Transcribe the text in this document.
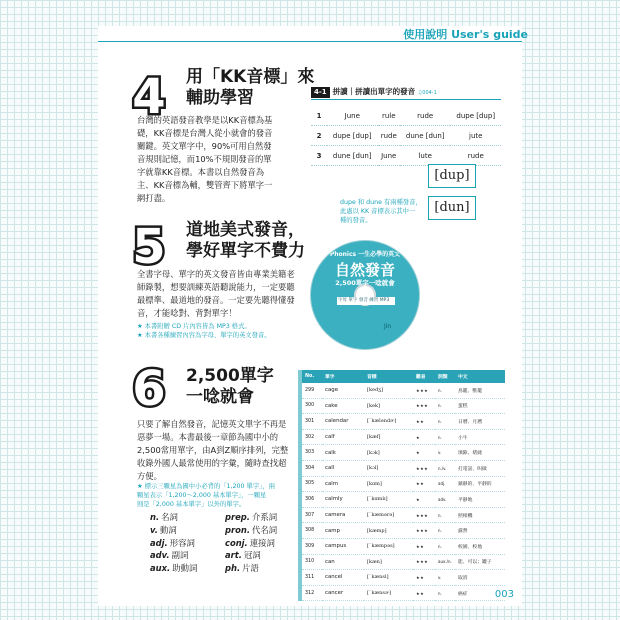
使用說明 User's guide
4	用「KK音標」來
輔助學習
台灣的英語發音教學是以KK音標為基
礎，KK音標是台灣人從小就會的發音
關鍵。英文單字中，90%可用自然發
音規則記憶，而10%不規則發音的單
字就靠KK音標。本書以自然發音為
主、KK音標為輔，雙管齊下將單字一
網打盡。
4-1 拼讀｜拼讀出單字的發音 ♫004-1
1	June	rule	rude	dupe [dup]
2	dupe [dup]	rude	dune [dun]	jute
3	dune [dun]	June	lute	rude
[dup]
[dun]
dupe 和 dune 有兩種發音，
此處以 KK 音標表示其中一
種的發音。
5	道地美式發音，
學好單字不費力
全書字母、單字的英文發音皆由專業美籍老
師錄製，想要訓練英語聽說能力，一定要聽
最標準、最道地的發音。一定要先聽得懂發
音，才能唸對、背對單字！
★ 本書附贈 CD 片內容皆為 MP3 格式。
★ 本書各種練習內容為字母、單字的英文發音。
Phonics 一生必學的英文
自然發音
2,500單字一唸就會
字母 單字 發音 練習 MP3
Jin
6	2,500單字
一唸就會
只要了解自然發音，記憶英文單字不再是
惡夢一場。本書最後一章節為國中小的
2,500常用單字，由A到Z順序排列，完整
收錄外國人最常使用的字彙，隨時查找超
方便。
★ 標示三顆星為國中小必背的「1,200 單字」，兩
顆星表示「1,200～2,000 基本單字」，一顆星
則是「2,000 基本單字」以外的單字。
n. 名詞	prep. 介系詞
v. 動詞	pron. 代名詞
adj. 形容詞	conj. 連接詞
adv. 副詞	art. 冠詞
aux. 助動詞	ph. 片語
No.	單字	音標	難易	詞類	中文
299	cage	[kedʒ]	★★★	n.	鳥籠、獸籠
300	cake	[kek]	★★★	n.	蛋糕
301	calendar	[ˋkæləndɚ]	★★	n.	日曆、月曆
302	calf	[kæf]	★	n.	小牛
303	calk	[kɔk]	★	v.	填隙、堵縫
304	call	[kɔl]	★★★	n./v.	打電話、叫做
305	calm	[kɑm]	★★	adj.	鎮靜的、平靜的
306	calmly	[ˋkɑmlɪ]	★	adv.	平靜地
307	camera	[ˋkæmərə]	★★★	n.	照相機
308	camp	[kæmp]	★★★	n.	露營
309	campus	[ˋkæmpəs]	★★	n.	校園、校地
310	can	[kæn]	★★★	aux./n.	能、可以；罐子
311	cancel	[ˋkænsl]	★★	v.	取消
312	cancer	[ˋkænsɚ]	★★	n.	癌症	003
